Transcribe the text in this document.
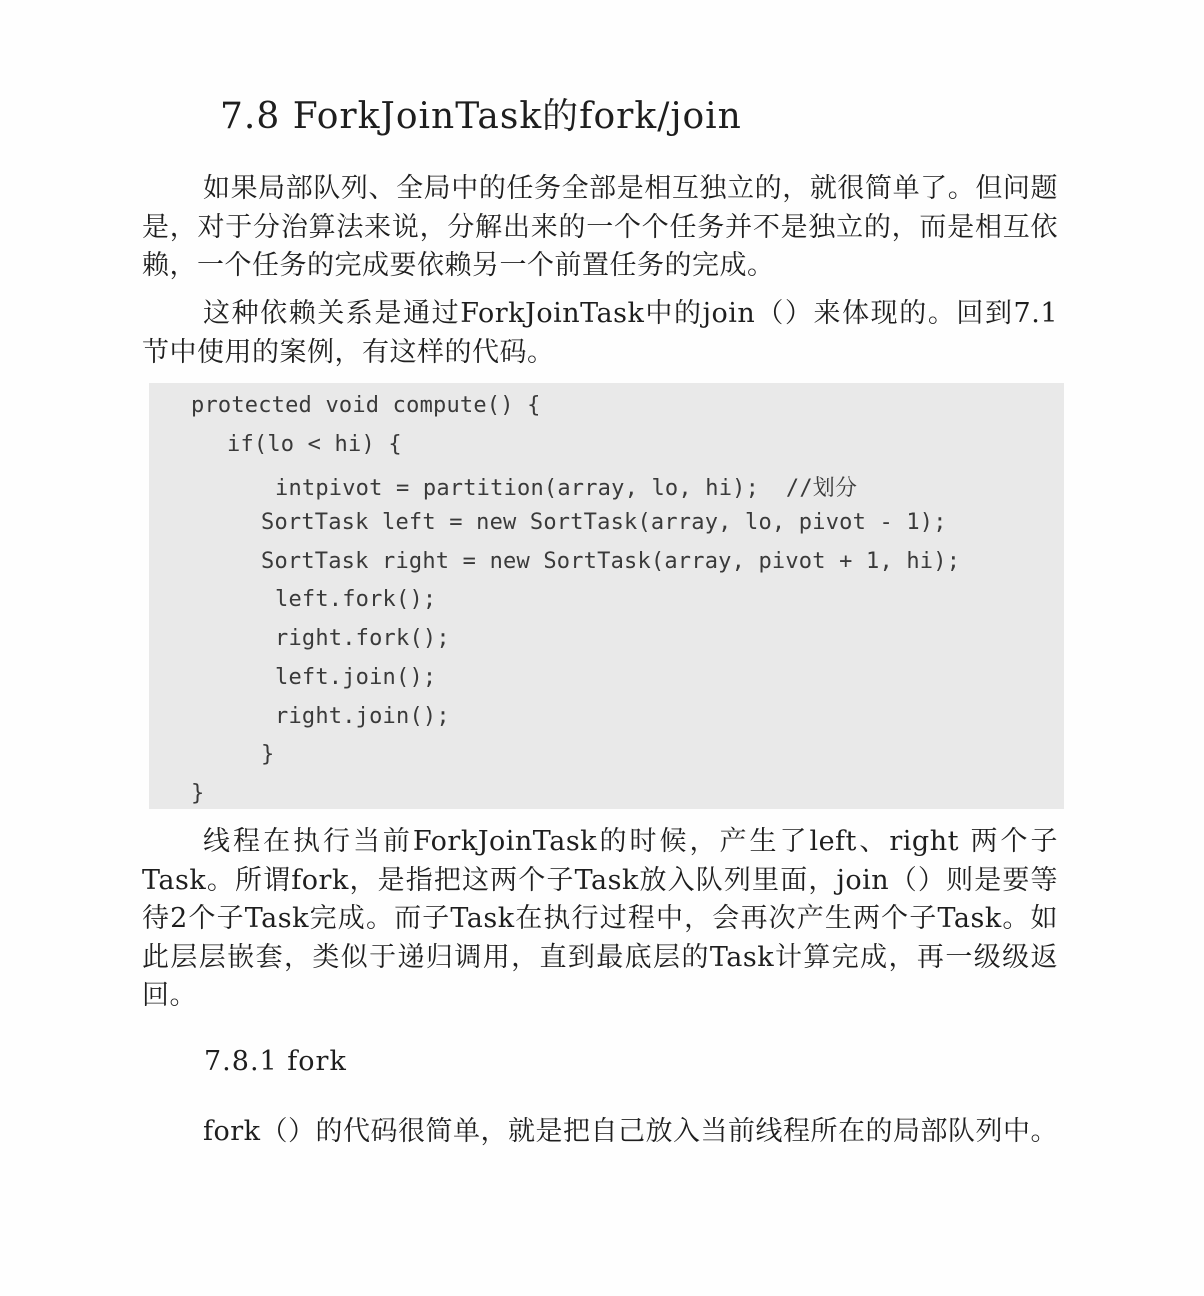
7.8 ForkJoinTask的fork/join
如果局部队列、全局中的任务全部是相互独立的，就很简单了。但问题是，对于分治算法来说，分解出来的一个个任务并不是独立的，而是相互依赖，一个任务的完成要依赖另一个前置任务的完成。
这种依赖关系是通过ForkJoinTask中的join（）来体现的。回到7.1节中使用的案例，有这样的代码。
protected void compute() {
if(lo < hi) {
intpivot = partition(array, lo, hi);  //划分
SortTask left = new SortTask(array, lo, pivot - 1);
SortTask right = new SortTask(array, pivot + 1, hi);
left.fork();
right.fork();
left.join();
right.join();
}
}
线程在执行当前ForkJoinTask的时候，产生了left、right 两个子Task。所谓fork，是指把这两个子Task放入队列里面，join（）则是要等待2个子Task完成。而子Task在执行过程中，会再次产生两个子Task。如此层层嵌套，类似于递归调用，直到最底层的Task计算完成，再一级级返回。
7.8.1 fork
fork（）的代码很简单，就是把自己放入当前线程所在的局部队列中。
